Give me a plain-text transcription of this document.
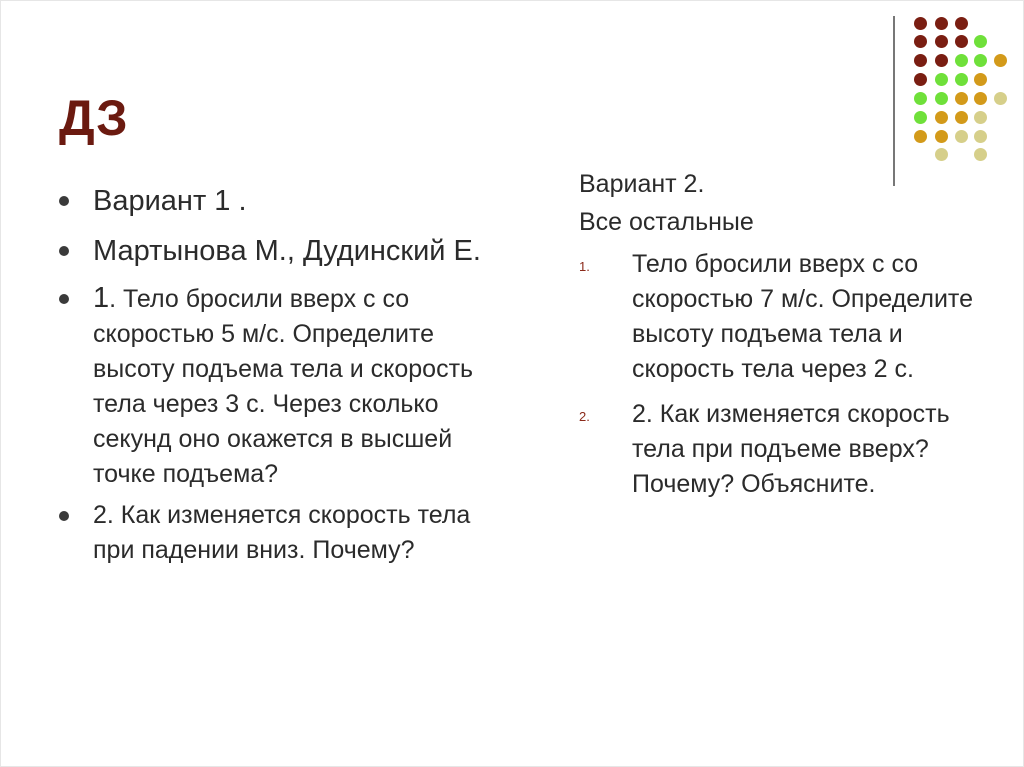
ДЗ
Вариант 1 .
Мартынова М., Дудинский Е.
1. Тело бросили вверх с со скоростью 5 м/с. Определите высоту подъема тела и скорость тела через 3 с. Через сколько секунд оно окажется в высшей точке подъема?
2. Как изменяется скорость тела при падении вниз. Почему?
Вариант 2.
Все остальные
1. Тело бросили вверх с со скоростью 7 м/с. Определите высоту подъема тела и скорость тела через 2 с.
2. 2. Как изменяется скорость тела при подъеме вверх? Почему? Объясните.
